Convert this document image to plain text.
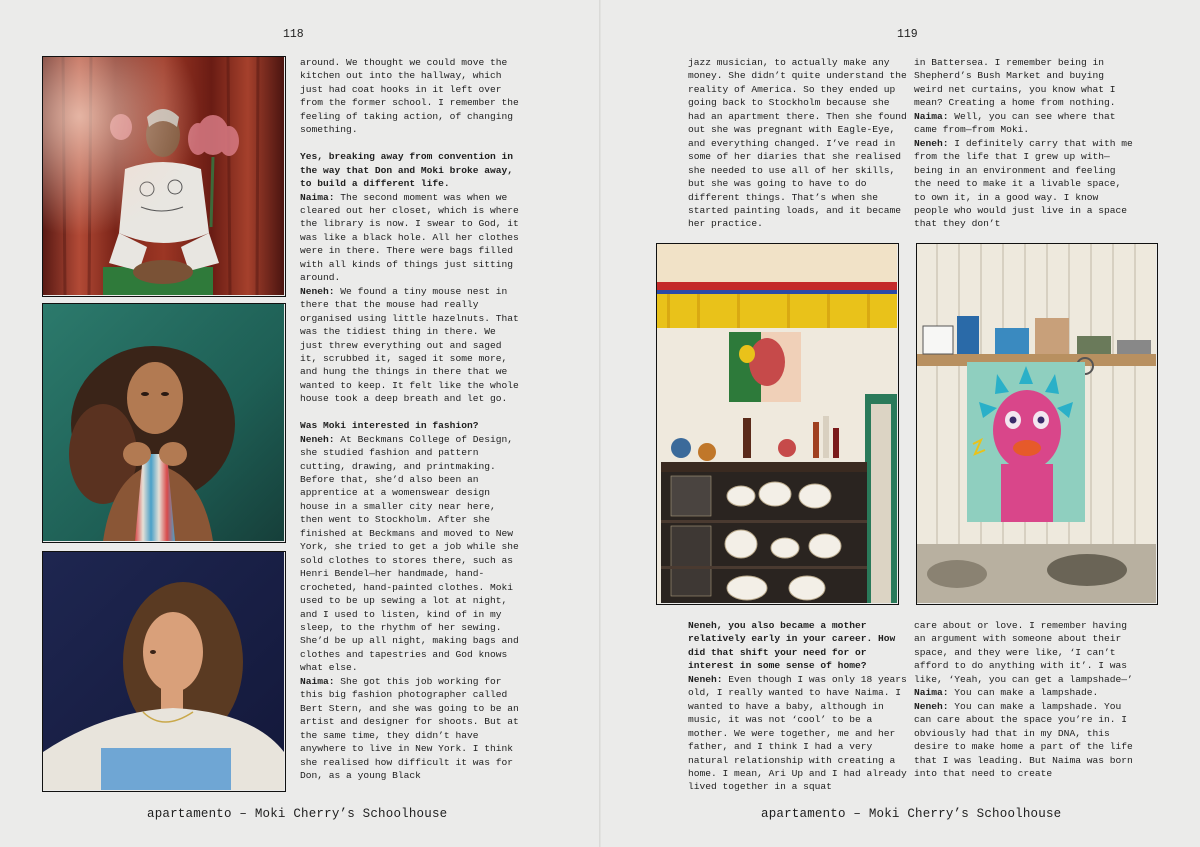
118

around. We thought we could move the kitchen out into the hallway, which just had coat hooks in it left over from the former school. I remember the feeling of taking action, of changing something.

Yes, breaking away from convention in the way that Don and Moki broke away, to build a different life.

Naima: The second moment was when we cleared out her closet, which is where the library is now. I swear to God, it was like a black hole. All her clothes were in there. There were bags filled with all kinds of things just sitting around.

Neneh: We found a tiny mouse nest in there that the mouse had really organised using little hazelnuts. That was the tidiest thing in there. We just threw everything out and saged it, scrubbed it, saged it some more, and hung the things in there that we wanted to keep. It felt like the whole house took a deep breath and let go.

Was Moki interested in fashion?

Neneh: At Beckmans College of Design, she studied fashion and pattern cutting, drawing, and printmaking. Before that, she’d also been an apprentice at a womenswear design house in a smaller city near here, then went to Stockholm. After she finished at Beckmans and moved to New York, she tried to get a job while she sold clothes to stores there, such as Henri Bendel—her handmade, hand-crocheted, hand-painted clothes. Moki used to be up sewing a lot at night, and I used to listen, kind of in my sleep, to the rhythm of her sewing. She’d be up all night, making bags and clothes and tapestries and God knows what else.

Naima: She got this job working for this big fashion photographer called Bert Stern, and she was going to be an artist and designer for shoots. But at the same time, they didn’t have anywhere to live in New York. I think she realised how difficult it was for Don, as a young Black

apartamento – Moki Cherry’s Schoolhouse
119

jazz musician, to actually make any money. She didn’t quite understand the reality of America. So they ended up going back to Stockholm because she had an apartment there. Then she found out she was pregnant with Eagle-Eye, and everything changed. I’ve read in some of her diaries that she realised she needed to use all of her skills, but she was going to have to do different things. That’s when she started painting loads, and it became her practice.

in Battersea. I remember being in Shepherd’s Bush Market and buying weird net curtains, you know what I mean? Creating a home from nothing.

Naima: Well, you can see where that came from—from Moki.

Neneh: I definitely carry that with me from the life that I grew up with—being in an environment and feeling the need to make it a livable space, to own it, in a good way. I know people who would just live in a space that they don’t

Neneh, you also became a mother relatively early in your career. How did that shift your need for or interest in some sense of home?

Neneh: Even though I was only 18 years old, I really wanted to have Naima. I wanted to have a baby, although in music, it was not ‘cool’ to be a mother. We were together, me and her father, and I think I had a very natural relationship with creating a home. I mean, Ari Up and I had already lived together in a squat

care about or love. I remember having an argument with someone about their space, and they were like, ‘I can’t afford to do anything with it’. I was like, ‘Yeah, you can get a lampshade—’

Naima: You can make a lampshade.

Neneh: You can make a lampshade. You can care about the space you’re in. I obviously had that in my DNA, this desire to make home a part of the life that I was leading. But Naima was born into that need to create

apartamento – Moki Cherry’s Schoolhouse
